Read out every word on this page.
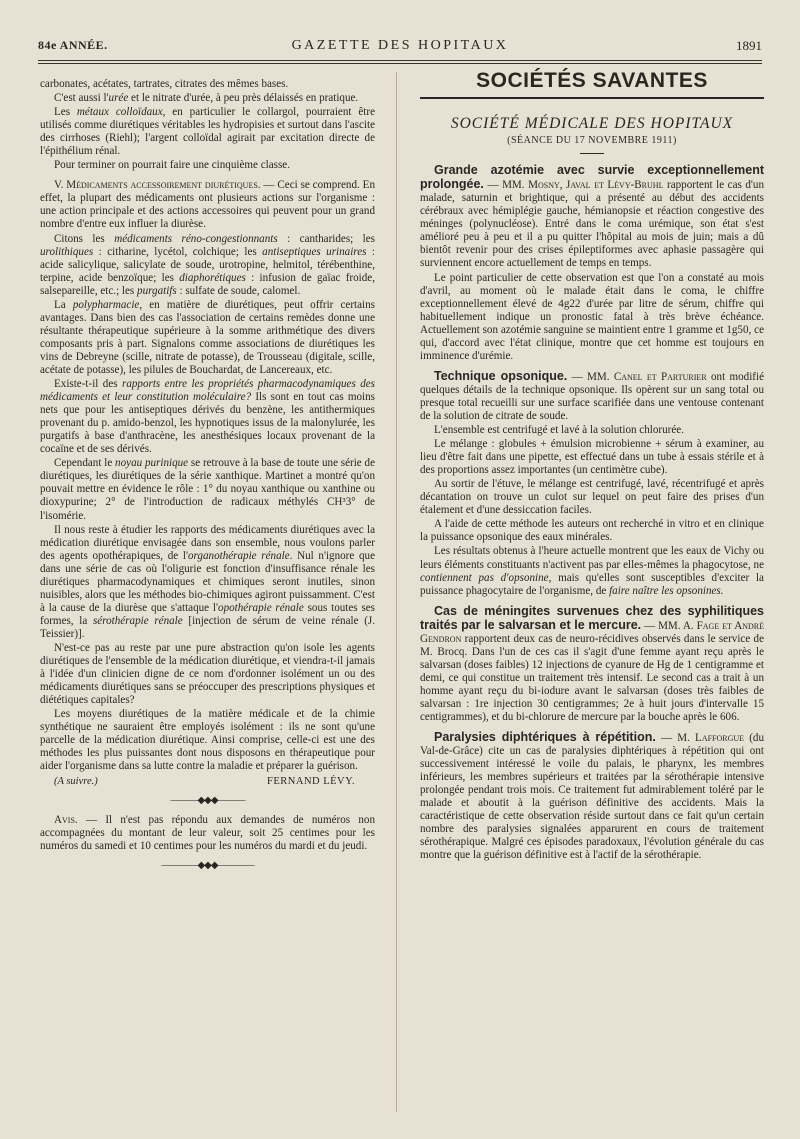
84e ANNÉE.	GAZETTE DES HOPITAUX	1891

carbonates, acétates, tartrates, citrates des mêmes bases.

C'est aussi l'urée et le nitrate d'urée, à peu près délaissés en pratique.

Les métaux colloïdaux, en particulier le collargol, pourraient être utilisés comme diurétiques véritables les hydropisies et surtout dans l'ascite des cirrhoses (Riehl); l'argent colloïdal agirait par excitation directe de l'épithélium rénal.

Pour terminer on pourrait faire une cinquième classe.

V. Médicaments accessoirement diurétiques. — Ceci se comprend. En effet, la plupart des médicaments ont plusieurs actions sur l'organisme : une action principale et des actions accessoires qui peuvent pour un grand nombre d'entre eux influer la diurèse.

Citons les médicaments réno-congestionnants : cantharides; les urolithiques : citharine, lycétol, colchique; les antiseptiques urinaires : acide salicylique, salicylate de soude, urotropine, helmitol, térébenthine, terpine, acide benzoïque; les diaphorétiques : infusion de gaïac froide, salsepareille, etc.; les purgatifs : sulfate de soude, calomel.

La polypharmacie, en matière de diurétiques, peut offrir certains avantages. Dans bien des cas l'association de certains remèdes donne une résultante thérapeutique supérieure à la somme arithmétique des divers composants pris à part. Signalons comme associations de diurétiques les vins de Debreyne (scille, nitrate de potasse), de Trousseau (digitale, scille, acétate de potasse), les pilules de Bouchardat, de Lancereaux, etc.

Existe-t-il des rapports entre les propriétés pharmacodynamiques des médicaments et leur constitution moléculaire? Ils sont en tout cas moins nets que pour les antiseptiques dérivés du benzène, les antithermiques provenant du p. amido-benzol, les hypnotiques issus de la malonylurée, les purgatifs à base d'anthracène, les anesthésiques locaux provenant de la cocaïne et de ses dérivés.

Cependant le noyau purinique se retrouve à la base de toute une série de diurétiques, les diurétiques de la série xanthique. Martinet a montré qu'on pouvait mettre en évidence le rôle : 1° du noyau xanthique ou xanthine ou dioxypurine; 2° de l'introduction de radicaux méthylés CH³3° de l'isomérie.

Il nous reste à étudier les rapports des médicaments diurétiques avec la médication diurétique envisagée dans son ensemble, nous voulons parler des agents opothérapiques, de l'organothérapie rénale. Nul n'ignore que dans une série de cas où l'oligurie est fonction d'insuffisance rénale les diurétiques pharmacodynamiques et chimiques seront inutiles, sinon nuisibles, alors que les méthodes bio-chimiques agiront puissamment. C'est à la cause de la diurèse que s'attaque l'opothérapie rénale sous toutes ses formes, la sérothérapie rénale [injection de sérum de veine rénale (J. Teissier)].

N'est-ce pas au reste par une pure abstraction qu'on isole les agents diurétiques de l'ensemble de la médication diurétique, et viendra-t-il jamais à l'idée d'un clinicien digne de ce nom d'ordonner isolément un ou des médicaments diurétiques sans se préoccuper des prescriptions physiques et diététiques capitales?

Les moyens diurétiques de la matière médicale et de la chimie synthétique ne sauraient être employés isolément : ils ne sont qu'une parcelle de la médication diurétique. Ainsi comprise, celle-ci est une des méthodes les plus puissantes dont nous disposons en thérapeutique pour aider l'organisme dans sa lutte contre la maladie et préparer la guérison.

(A suivre.)	FERNAND LÉVY.
———◆◆◆———

Avis. — Il n'est pas répondu aux demandes de numéros non accompagnées du montant de leur valeur, soit 25 centimes pour les numéros du samedi et 10 centimes pour les numéros du mardi et du jeudi.

————◆◆◆————
SOCIÉTÉS SAVANTES
SOCIÉTÉ MÉDICALE DES HOPITAUX
(SÉANCE DU 17 NOVEMBRE 1911)

Grande azotémie avec survie exceptionnellement prolongée. — MM. Mosny, Javal et Lévy-Bruhl rapportent le cas d'un malade, saturnin et brightique, qui a présenté au début des accidents cérébraux avec hémiplégie gauche, hémianopsie et réaction congestive des méninges (polynucléose). Entré dans le coma urémique, son état s'est amélioré peu à peu et il a pu quitter l'hôpital au mois de juin; mais a dû bientôt revenir pour des crises épileptiformes avec aphasie passagère qui surviennent encore actuellement de temps en temps.

Le point particulier de cette observation est que l'on a constaté au mois d'avril, au moment où le malade était dans le coma, le chiffre exceptionnellement élevé de 4g22 d'urée par litre de sérum, chiffre qui habituellement indique un pronostic fatal à très brève échéance. Actuellement son azotémie sanguine se maintient entre 1 gramme et 1g50, ce qui, d'accord avec l'état clinique, montre que cet homme est toujours en imminence d'urémie.

Technique opsonique. — MM. Canel et Parturier ont modifié quelques détails de la technique opsonique. Ils opèrent sur un sang total ou presque total recueilli sur une surface scarifiée dans une ventouse contenant de la solution de citrate de soude.

L'ensemble est centrifugé et lavé à la solution chlorurée.

Le mélange : globules + émulsion microbienne + sérum à examiner, au lieu d'être fait dans une pipette, est effectué dans un tube à essais stérile et à des proportions assez importantes (un centimètre cube).

Au sortir de l'étuve, le mélange est centrifugé, lavé, récentrifugé et après décantation on trouve un culot sur lequel on peut faire des prises d'un étalement et d'une dessiccation faciles.

A l'aide de cette méthode les auteurs ont recherché in vitro et en clinique la puissance opsonique des eaux minérales.

Les résultats obtenus à l'heure actuelle montrent que les eaux de Vichy ou leurs éléments constituants n'activent pas par elles-mêmes la phagocytose, ne contiennent pas d'opsonine, mais qu'elles sont susceptibles d'exciter la puissance phagocytaire de l'organisme, de faire naître les opsonines.

Cas de méningites survenues chez des syphilitiques traités par le salvarsan et le mercure. — MM. A. Fage et André Gendron rapportent deux cas de neuro-récidives observés dans le service de M. Brocq. Dans l'un de ces cas il s'agit d'une femme ayant reçu après le salvarsan (doses faibles) 12 injections de cyanure de Hg de 1 centigramme et demi, ce qui constitue un traitement très intensif. Le second cas a trait à un homme ayant reçu du bi-iodure avant le salvarsan (doses très faibles de salvarsan : 1re injection 30 centigrammes; 2e à huit jours d'intervalle 15 centigrammes), et du bi-chlorure de mercure par la bouche après le 606.

Paralysies diphtériques à répétition. — M. Lafforgue (du Val-de-Grâce) cite un cas de paralysies diphtériques à répétition qui ont successivement intéressé le voile du palais, le pharynx, les membres inférieurs, les membres supérieurs et traitées par la sérothérapie intensive prolongée pendant trois mois. Ce traitement fut admirablement toléré par le malade et aboutit à la guérison définitive des accidents. Mais la caractéristique de cette observation réside surtout dans ce fait qu'un certain nombre des paralysies signalées apparurent en cours de traitement sérothérapique. Malgré ces épisodes paradoxaux, l'évolution générale du cas montre que la guérison définitive est à l'actif de la sérothérapie.
